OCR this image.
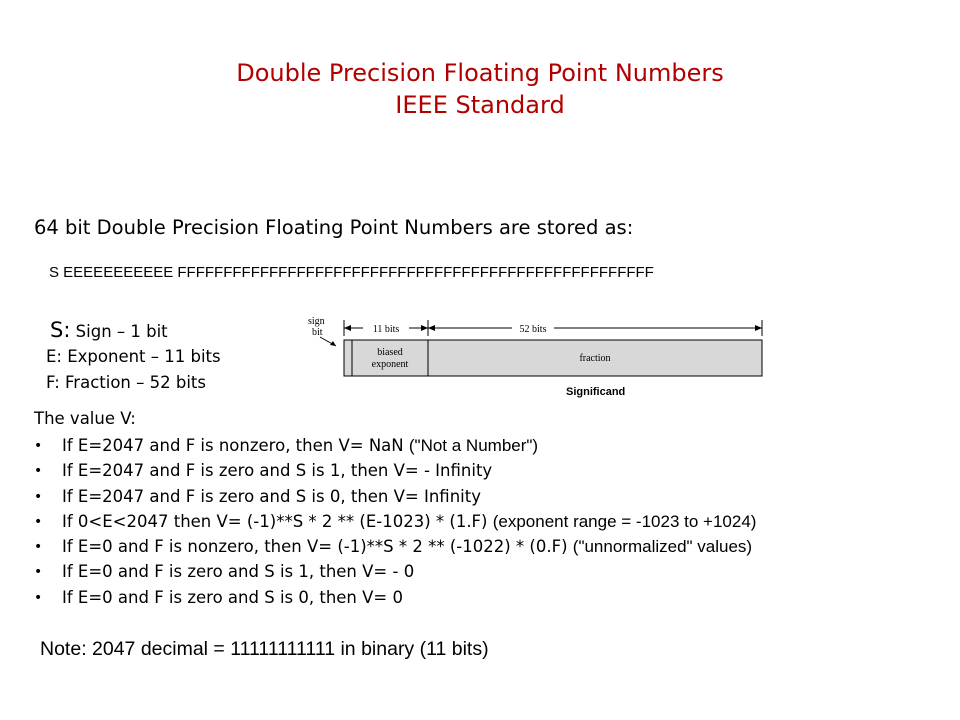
Double Precision Floating Point Numbers
IEEE Standard
64 bit Double Precision Floating Point Numbers are stored as:
S EEEEEEEEEEE FFFFFFFFFFFFFFFFFFFFFFFFFFFFFFFFFFFFFFFFFFFFFFFFFFFF
S: Sign – 1 bit
E: Exponent – 11 bits
F: Fraction – 52 bits
sign
bit	11 bits	52 bits
biased
exponent
fraction
Significand
The value V:
• If E=2047 and F is nonzero, then V= NaN ("Not a Number")
• If E=2047 and F is zero and S is 1, then V= - Infinity
• If E=2047 and F is zero and S is 0, then V= Infinity
• If 0<E<2047 then V= (-1)**S * 2 ** (E-1023) * (1.F) (exponent range = -1023 to +1024)
• If E=0 and F is nonzero, then V= (-1)**S * 2 ** (-1022) * (0.F) ("unnormalized" values)
• If E=0 and F is zero and S is 1, then V= - 0
• If E=0 and F is zero and S is 0, then V= 0
Note: 2047 decimal = 11111111111 in binary (11 bits)
